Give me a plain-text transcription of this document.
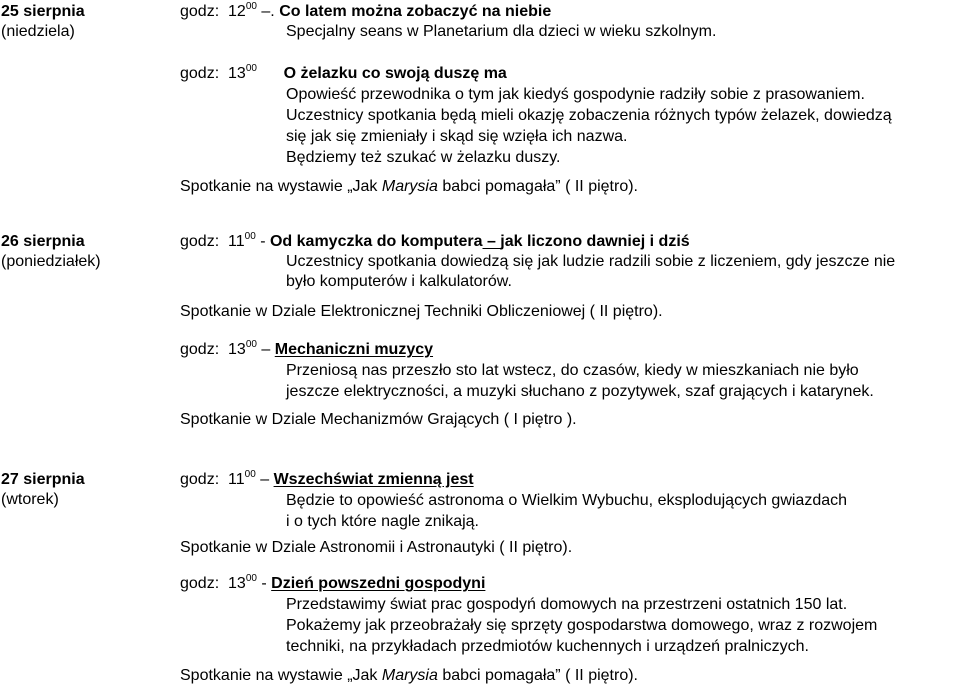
25 sierpnia
(niedziela)
godz: $12^{00}$ –. Co latem można zobaczyć na niebie
Specjalny seans w Planetarium dla dzieci w wieku szkolnym.
godz: $13^{00}$ O żelazku co swoją duszę ma
Opowieść przewodnika o tym jak kiedyś gospodynie radziły sobie z prasowaniem.
Uczestnicy spotkania będą mieli okazję zobaczenia różnych typów żelazek, dowiedzą
się jak się zmieniały i skąd się wzięła ich nazwa.
Będziemy też szukać w żelazku duszy.
Spotkanie na wystawie „Jak Marysia babci pomagała” ( II piętro).
26 sierpnia
(poniedziałek)
godz: $11^{00}$ - Od kamyczka do komputera – jak liczono dawniej i dziś
Uczestnicy spotkania dowiedzą się jak ludzie radzili sobie z liczeniem, gdy jeszcze nie
było komputerów i kalkulatorów.
Spotkanie w Dziale Elektronicznej Techniki Obliczeniowej ( II piętro).
godz: $13^{00}$ – Mechaniczni muzycy
Przeniosą nas przeszło sto lat wstecz, do czasów, kiedy w mieszkaniach nie było
jeszcze elektryczności, a muzyki słuchano z pozytywek, szaf grających i katarynek.
Spotkanie w Dziale Mechanizmów Grających ( I piętro ).
27 sierpnia
(wtorek)
godz: $11^{00}$ – Wszechświat zmienną jest
Będzie to opowieść astronoma o Wielkim Wybuchu, eksplodujących gwiazdach
i o tych które nagle znikają.
Spotkanie w Dziale Astronomii i Astronautyki ( II piętro).
godz: $13^{00}$ - Dzień powszedni gospodyni
Przedstawimy świat prac gospodyń domowych na przestrzeni ostatnich 150 lat.
Pokażemy jak przeobrażały się sprzęty gospodarstwa domowego, wraz z rozwojem
techniki, na przykładach przedmiotów kuchennych i urządzeń pralniczych.
Spotkanie na wystawie „Jak Marysia babci pomagała” ( II piętro).
